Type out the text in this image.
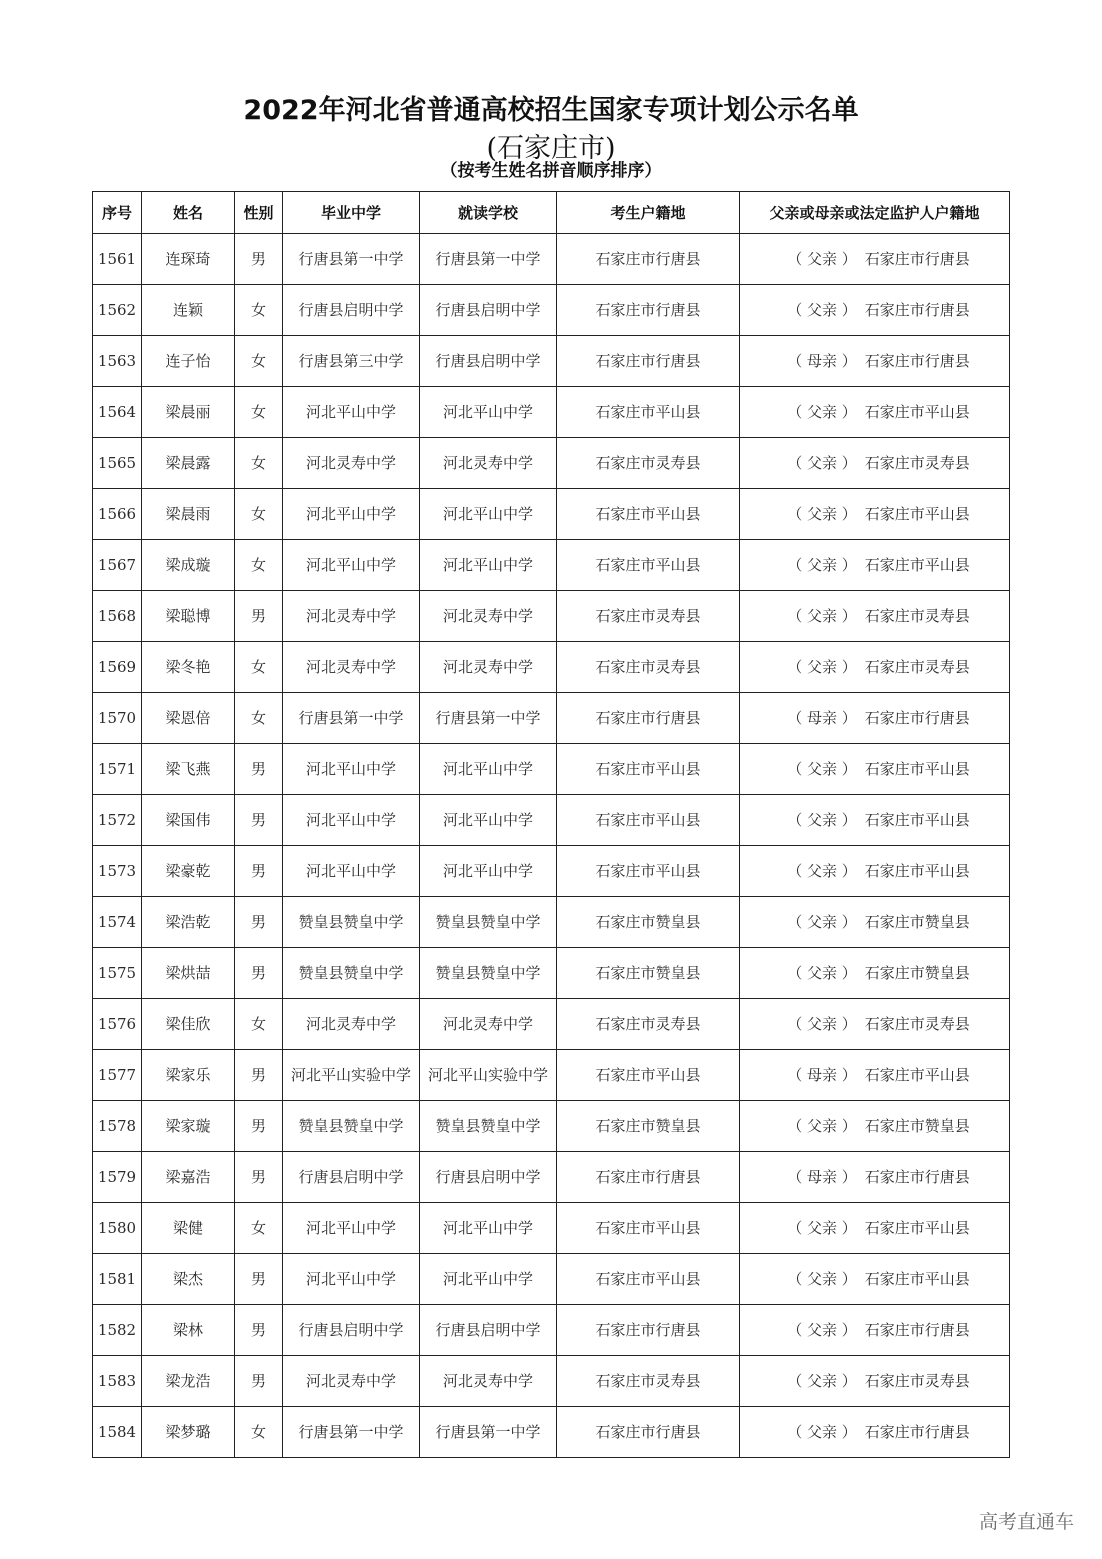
2022年河北省普通高校招生国家专项计划公示名单
(石家庄市)
（按考生姓名拼音顺序排序）
序号	姓名	性别	毕业中学	就读学校	考生户籍地	父亲或母亲或法定监护人户籍地
1561	连琛琦	男	行唐县第一中学	行唐县第一中学	石家庄市行唐县	（ 父亲 ） 石家庄市行唐县
1562	连颖	女	行唐县启明中学	行唐县启明中学	石家庄市行唐县	（ 父亲 ） 石家庄市行唐县
1563	连子怡	女	行唐县第三中学	行唐县启明中学	石家庄市行唐县	（ 母亲 ） 石家庄市行唐县
1564	梁晨丽	女	河北平山中学	河北平山中学	石家庄市平山县	（ 父亲 ） 石家庄市平山县
1565	梁晨露	女	河北灵寿中学	河北灵寿中学	石家庄市灵寿县	（ 父亲 ） 石家庄市灵寿县
1566	梁晨雨	女	河北平山中学	河北平山中学	石家庄市平山县	（ 父亲 ） 石家庄市平山县
1567	梁成璇	女	河北平山中学	河北平山中学	石家庄市平山县	（ 父亲 ） 石家庄市平山县
1568	梁聪博	男	河北灵寿中学	河北灵寿中学	石家庄市灵寿县	（ 父亲 ） 石家庄市灵寿县
1569	梁冬艳	女	河北灵寿中学	河北灵寿中学	石家庄市灵寿县	（ 父亲 ） 石家庄市灵寿县
1570	梁恩倍	女	行唐县第一中学	行唐县第一中学	石家庄市行唐县	（ 母亲 ） 石家庄市行唐县
1571	梁飞燕	男	河北平山中学	河北平山中学	石家庄市平山县	（ 父亲 ） 石家庄市平山县
1572	梁国伟	男	河北平山中学	河北平山中学	石家庄市平山县	（ 父亲 ） 石家庄市平山县
1573	梁豪乾	男	河北平山中学	河北平山中学	石家庄市平山县	（ 父亲 ） 石家庄市平山县
1574	梁浩乾	男	赞皇县赞皇中学	赞皇县赞皇中学	石家庄市赞皇县	（ 父亲 ） 石家庄市赞皇县
1575	梁烘喆	男	赞皇县赞皇中学	赞皇县赞皇中学	石家庄市赞皇县	（ 父亲 ） 石家庄市赞皇县
1576	梁佳欣	女	河北灵寿中学	河北灵寿中学	石家庄市灵寿县	（ 父亲 ） 石家庄市灵寿县
1577	梁家乐	男	河北平山实验中学	河北平山实验中学	石家庄市平山县	（ 母亲 ） 石家庄市平山县
1578	梁家璇	男	赞皇县赞皇中学	赞皇县赞皇中学	石家庄市赞皇县	（ 父亲 ） 石家庄市赞皇县
1579	梁嘉浩	男	行唐县启明中学	行唐县启明中学	石家庄市行唐县	（ 母亲 ） 石家庄市行唐县
1580	梁健	女	河北平山中学	河北平山中学	石家庄市平山县	（ 父亲 ） 石家庄市平山县
1581	梁杰	男	河北平山中学	河北平山中学	石家庄市平山县	（ 父亲 ） 石家庄市平山县
1582	梁林	男	行唐县启明中学	行唐县启明中学	石家庄市行唐县	（ 父亲 ） 石家庄市行唐县
1583	梁龙浩	男	河北灵寿中学	河北灵寿中学	石家庄市灵寿县	（ 父亲 ） 石家庄市灵寿县
1584	梁梦璐	女	行唐县第一中学	行唐县第一中学	石家庄市行唐县	（ 父亲 ） 石家庄市行唐县
高考直通车
